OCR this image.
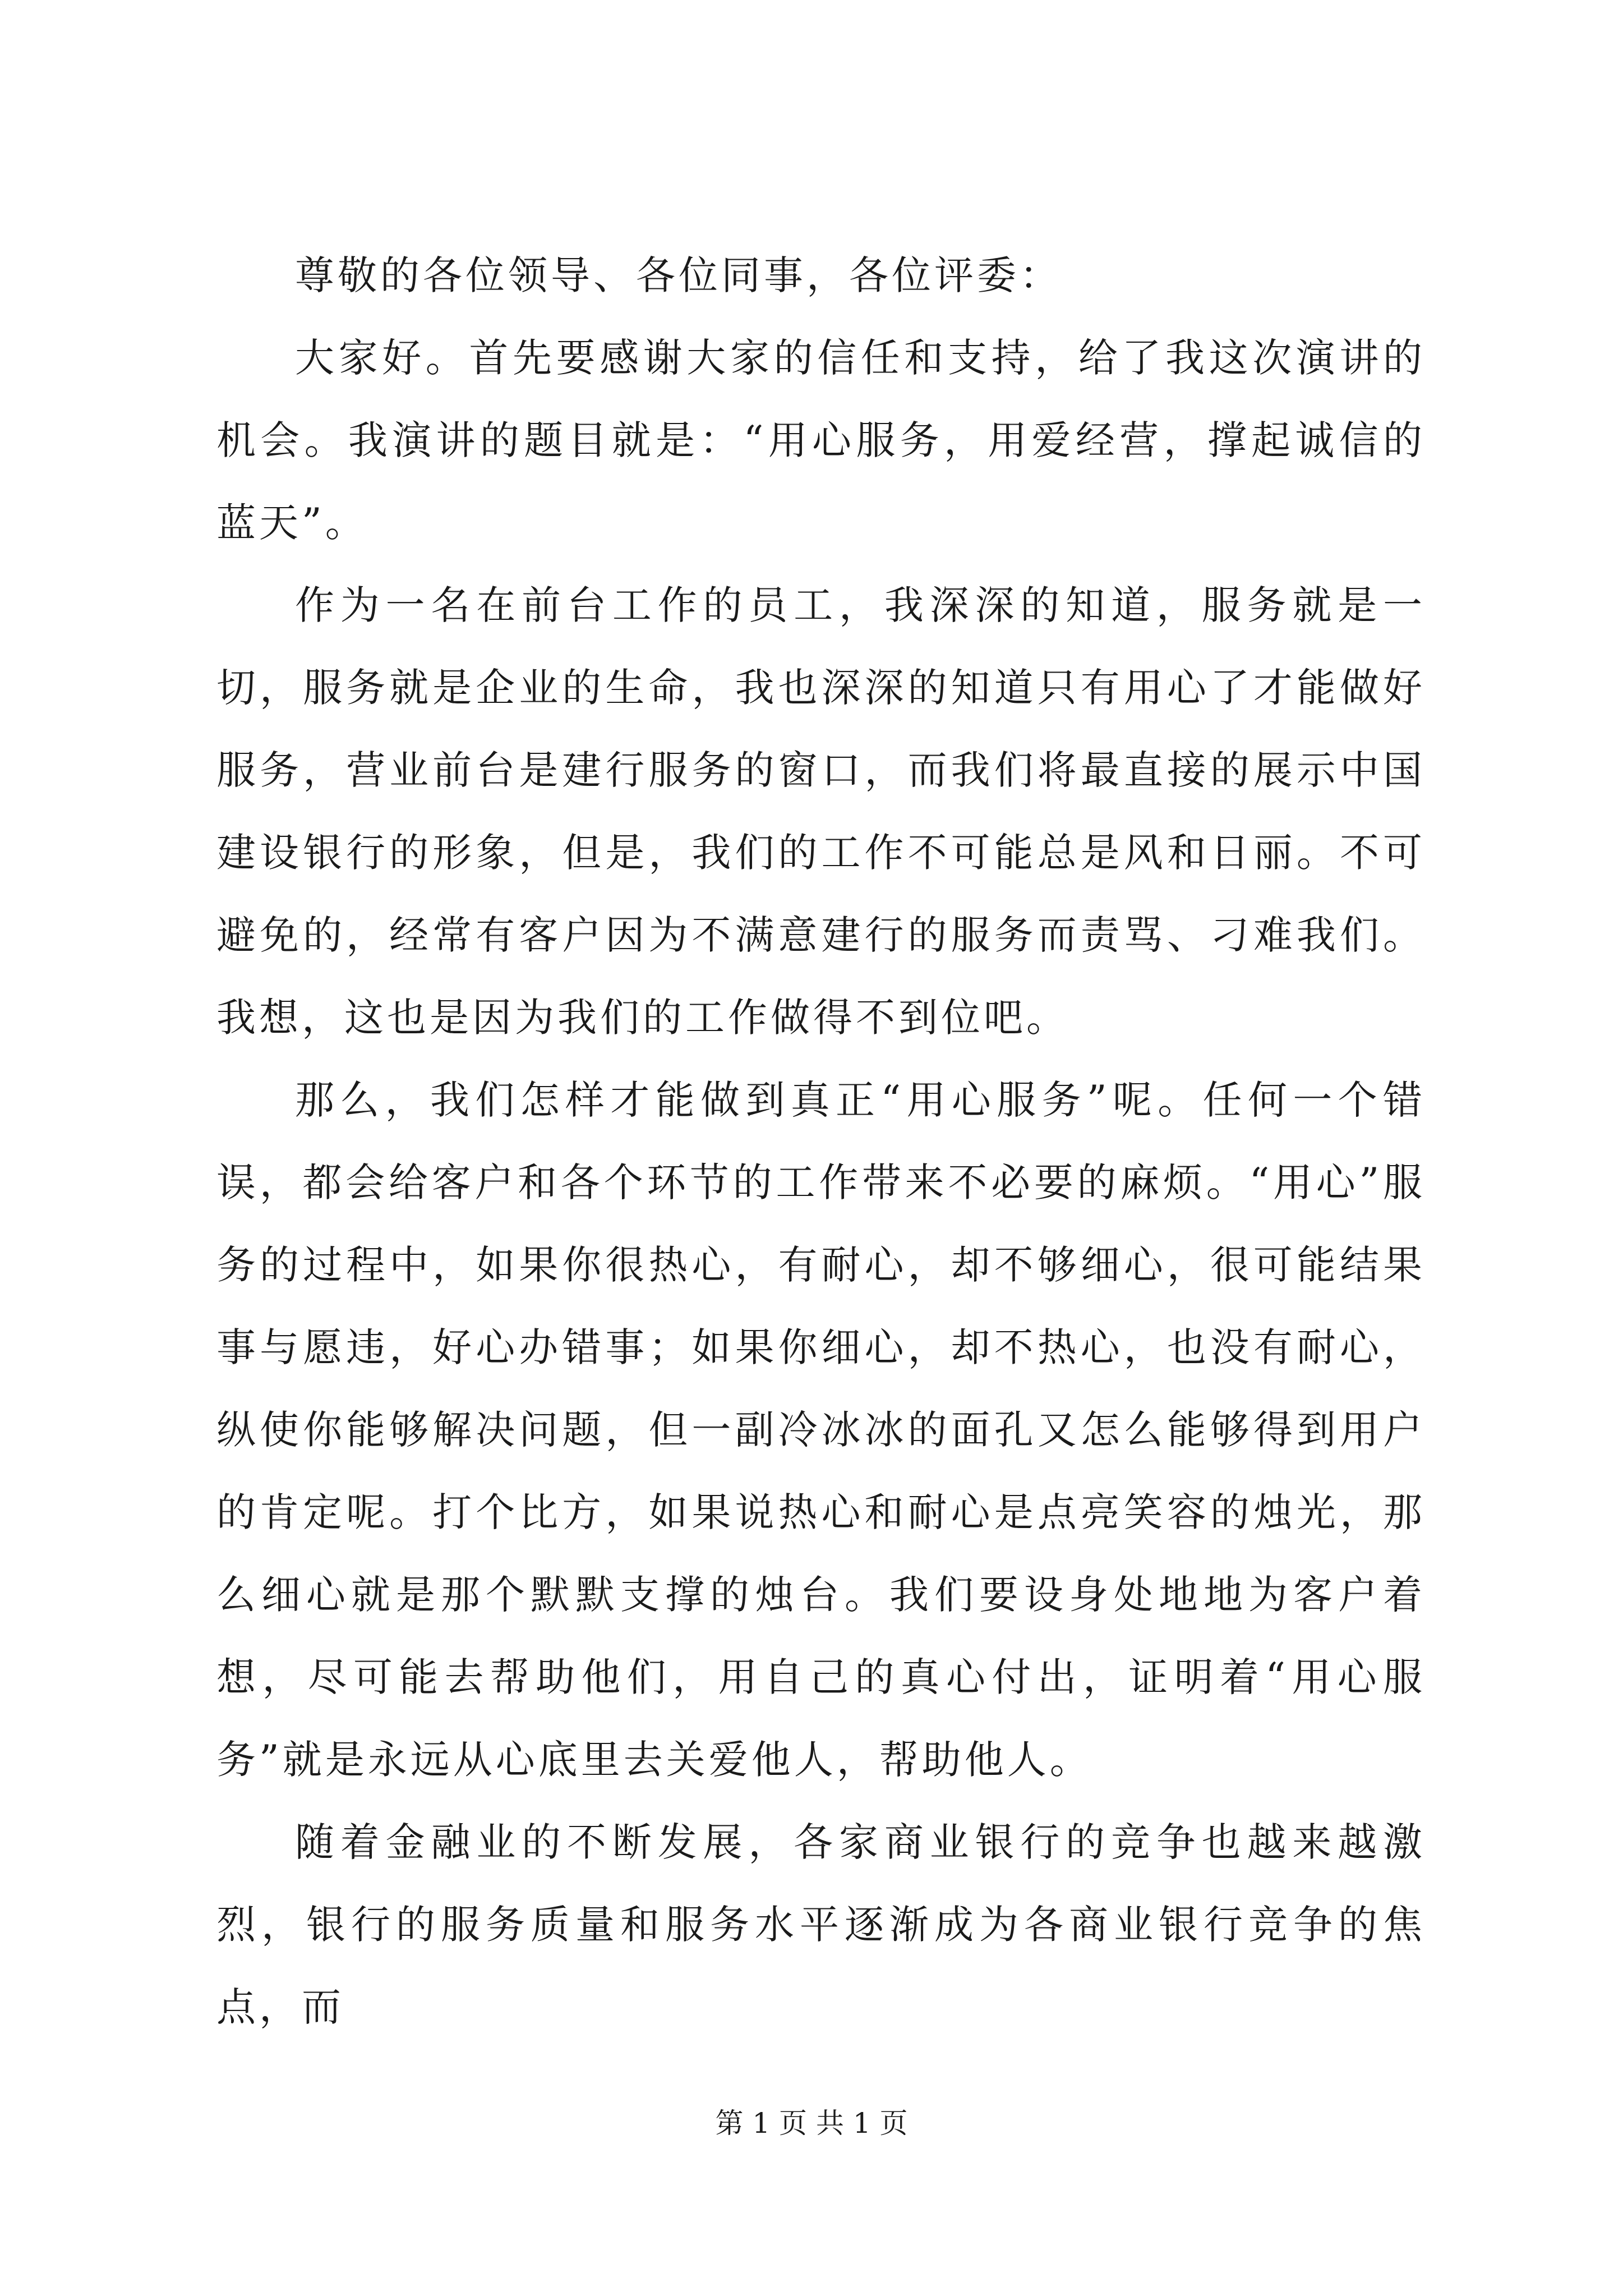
尊敬的各位领导、各位同事，各位评委：

大家好。首先要感谢大家的信任和支持，给了我这次演讲的机会。我演讲的题目就是：“用心服务，用爱经营，撑起诚信的蓝天”。

作为一名在前台工作的员工，我深深的知道，服务就是一切，服务就是企业的生命，我也深深的知道只有用心了才能做好服务，营业前台是建行服务的窗口，而我们将最直接的展示中国建设银行的形象，但是，我们的工作不可能总是风和日丽。不可避免的，经常有客户因为不满意建行的服务而责骂、刁难我们。我想，这也是因为我们的工作做得不到位吧。

那么，我们怎样才能做到真正“用心服务”呢。任何一个错误，都会给客户和各个环节的工作带来不必要的麻烦。“用心”服务的过程中，如果你很热心，有耐心，却不够细心，很可能结果事与愿违，好心办错事；如果你细心，却不热心，也没有耐心，纵使你能够解决问题，但一副冷冰冰的面孔又怎么能够得到用户的肯定呢。打个比方，如果说热心和耐心是点亮笑容的烛光，那么细心就是那个默默支撑的烛台。我们要设身处地地为客户着想，尽可能去帮助他们，用自己的真心付出，证明着“用心服务”就是永远从心底里去关爱他人，帮助他人。

随着金融业的不断发展，各家商业银行的竞争也越来越激烈，银行的服务质量和服务水平逐渐成为各商业银行竞争的焦点，而

第 1 页 共 1 页
